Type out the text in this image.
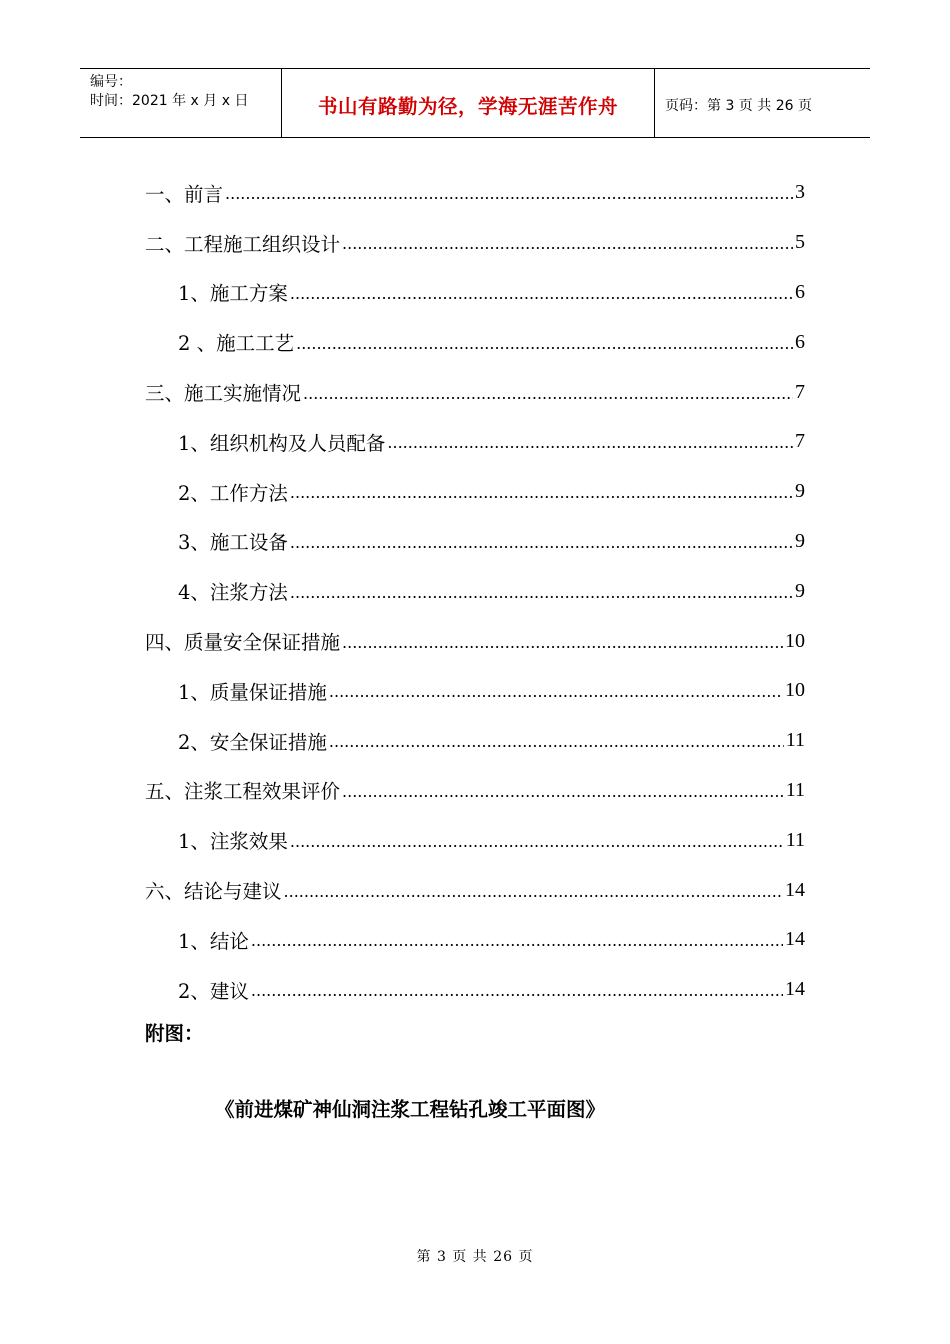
编号：
时间：2021 年 x 月 x 日	书山有路勤为径，学海无涯苦作舟	页码：第 3 页 共 26 页
一、前言 .....	3
二、工程施工组织设计 .....	5
1、施工方案 .....	6
2 、施工工艺 .....	6
三、施工实施情况 .....	7
1、组织机构及人员配备 .....	7
2、工作方法 .....	9
3、施工设备 .....	9
4、注浆方法 .....	9
四、质量安全保证措施 .....	10
1、质量保证措施 .....	10
2、安全保证措施 .....	11
五、注浆工程效果评价 .....	11
1、注浆效果 .....	11
六、结论与建议 .....	14
1、结论 .....	14
2、建议 .....	14
附图：
《前进煤矿神仙洞注浆工程钻孔竣工平面图》
第 3 页 共 26 页
